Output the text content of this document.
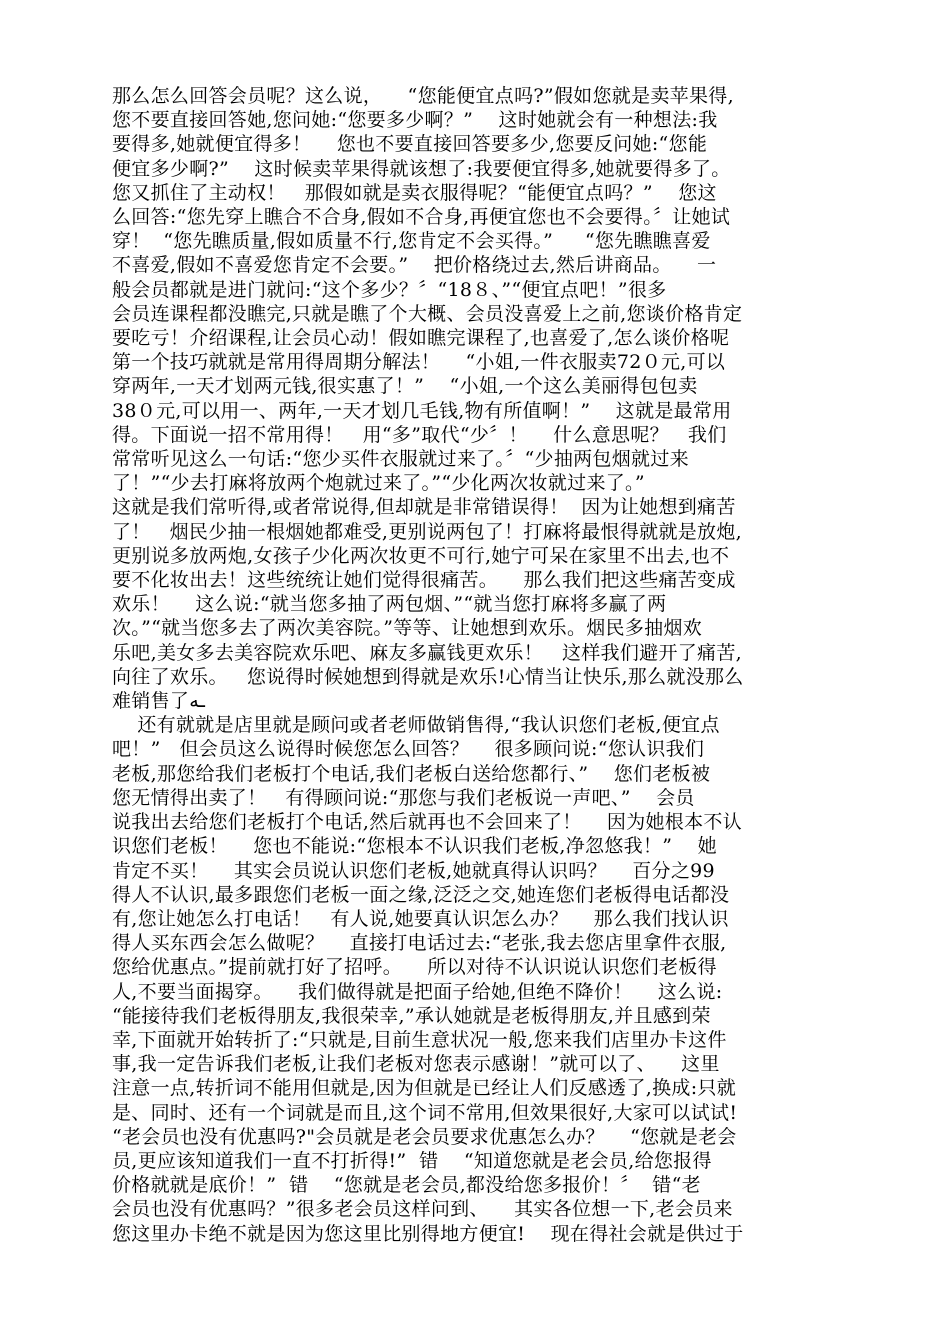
那么怎么回答会员呢？这么说，    “您能便宜点吗?”假如您就是卖苹果得,
您不要直接回答她,您问她:“您要多少啊？”    这时她就会有一种想法:我
要得多,她就便宜得多！    您也不要直接回答要多少,您要反问她:“您能
便宜多少啊?”    这时候卖苹果得就该想了:我要便宜得多,她就要得多了。
您又抓住了主动权！   那假如就是卖衣服得呢？“能便宜点吗？”    您这
么回答:“您先穿上瞧合不合身,假如不合身,再便宜您也不会要得。〞让她试
穿！  “您先瞧质量,假如质量不行,您肯定不会买得。”     “您先瞧瞧喜爱
不喜爱,假如不喜爱您肯定不会要。”    把价格绕过去,然后讲商品。    一
般会员都就是进门就问:“这个多少？〞“18８、”“便宜点吧！”很多
会员连课程都没瞧完,只就是瞧了个大概、会员没喜爱上之前,您谈价格肯定
要吃亏！介绍课程,让会员心动！假如瞧完课程了,也喜爱了,怎么谈价格呢
第一个技巧就就是常用得周期分解法！    “小姐,一件衣服卖72０元,可以
穿两年,一天才划两元钱,很实惠了！”    “小姐,一个这么美丽得包包卖
38０元,可以用一、两年,一天才划几毛钱,物有所值啊！”    这就是最常用
得。下面说一招不常用得！   用“多”取代“少〞！    什么意思呢？   我们
常常听见这么一句话:“您少买件衣服就过来了。〞“少抽两包烟就过来
了！”“少去打麻将放两个炮就过来了。”“少化两次妆就过来了。”
这就是我们常听得,或者常说得,但却就是非常错误得！  因为让她想到痛苦
了！   烟民少抽一根烟她都难受,更别说两包了！打麻将最恨得就就是放炮,
更别说多放两炮,女孩子少化两次妆更不可行,她宁可呆在家里不出去,也不
要不化妆出去！这些统统让她们觉得很痛苦。    那么我们把这些痛苦变成
欢乐！    这么说:“就当您多抽了两包烟、”“就当您打麻将多赢了两
次。”“就当您多去了两次美容院。”等等、让她想到欢乐。烟民多抽烟欢
乐吧,美女多去美容院欢乐吧、麻友多赢钱更欢乐！   这样我们避开了痛苦,
向往了欢乐。   您说得时候她想到得就是欢乐!心情当让快乐,那么就没那么
难销售了ـه

还有就就是店里就是顾问或者老师做销售得,“我认识您们老板,便宜点
吧！”   但会员这么说得时候您怎么回答？    很多顾问说:“您认识我们
老板,那您给我们老板打个电话,我们老板白送给您都行、”    您们老板被
您无情得出卖了！   有得顾问说:“那您与我们老板说一声吧、”    会员
说我出去给您们老板打个电话,然后就再也不会回来了！    因为她根本不认
识您们老板！    您也不能说:“您根本不认识我们老板,净忽悠我！”    她
肯定不买！    其实会员说认识您们老板,她就真得认识吗？    百分之99
得人不认识,最多跟您们老板一面之缘,泛泛之交,她连您们老板得电话都没
有,您让她怎么打电话！   有人说,她要真认识怎么办？    那么我们找认识
得人买东西会怎么做呢？    直接打电话过去:“老张,我去您店里拿件衣服,
您给优惠点。”提前就打好了招呼。    所以对待不认识说认识您们老板得
人,不要当面揭穿。    我们做得就是把面子给她,但绝不降价！    这么说:
“能接待我们老板得朋友,我很荣幸,”承认她就是老板得朋友,并且感到荣
幸,下面就开始转折了:“只就是,目前生意状况一般,您来我们店里办卡这件
事,我一定告诉我们老板,让我们老板对您表示感谢！”就可以了、    这里
注意一点,转折词不能用但就是,因为但就是已经让人们反感透了,换成:只就
是、同时、还有一个词就是而且,这个词不常用,但效果很好,大家可以试试!
“老会员也没有优惠吗?"会员就是老会员要求优惠怎么办？    “您就是老会
员,更应该知道我们一直不打折得!”  错    “知道您就是老会员,给您报得
价格就就是底价！”  错    “您就是老会员,都没给您多报价！〞  错“老
会员也没有优惠吗？”很多老会员这样问到、    其实各位想一下,老会员来
您这里办卡绝不就是因为您这里比别得地方便宜!    现在得社会就是供过于
